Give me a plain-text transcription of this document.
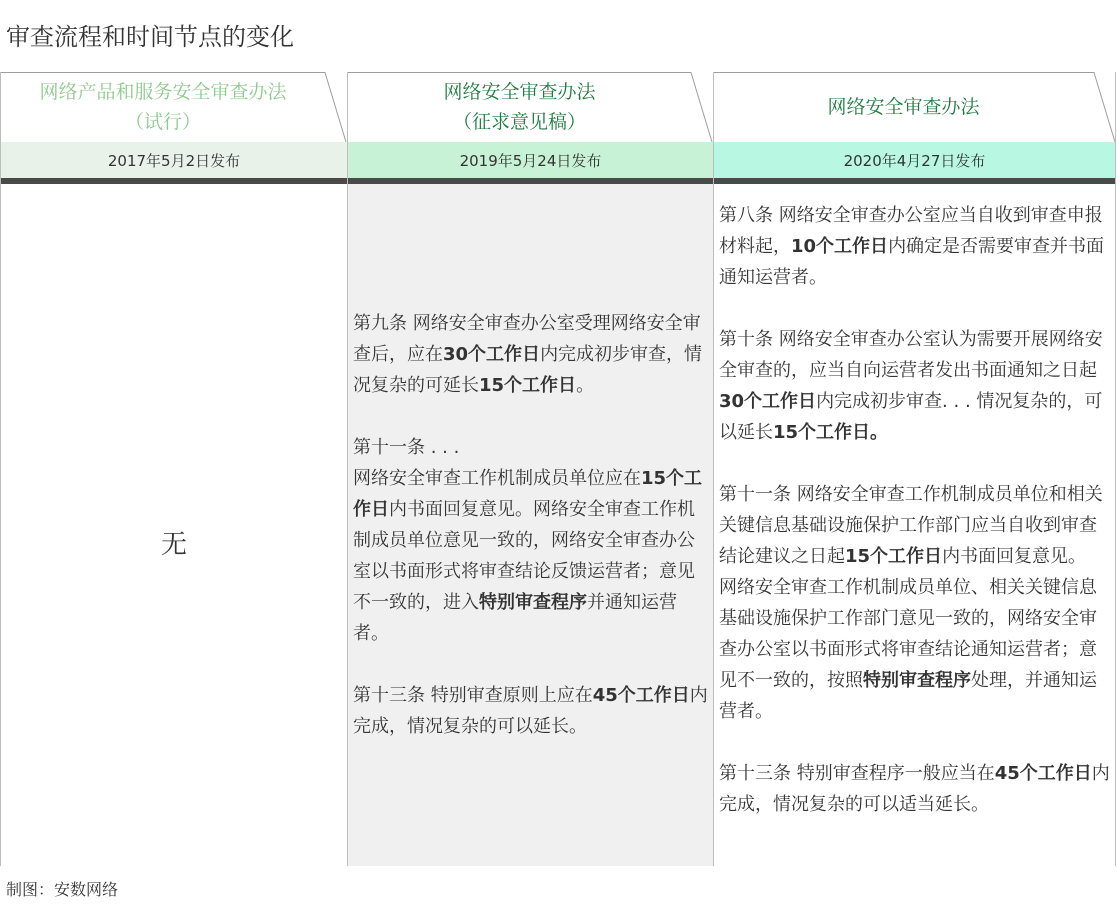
审查流程和时间节点的变化
网络产品和服务安全审查办法
（试行）
2017年5月2日发布
无
网络安全审查办法
（征求意见稿）
2019年5月24日发布

第九条 网络安全审查办公室受理网络安全审查后，应在30个工作日内完成初步审查，情况复杂的可延长15个工作日。

第十一条 . . .

网络安全审查工作机制成员单位应在15个工作日内书面回复意见。网络安全审查工作机制成员单位意见一致的，网络安全审查办公室以书面形式将审查结论反馈运营者；意见不一致的，进入特别审查程序并通知运营者。

第十三条 特别审查原则上应在45个工作日内完成，情况复杂的可以延长。

网络安全审查办法
2020年4月27日发布

第八条 网络安全审查办公室应当自收到审查申报材料起，10个工作日内确定是否需要审查并书面通知运营者。

第十条 网络安全审查办公室认为需要开展网络安全审查的，应当自向运营者发出书面通知之日起30个工作日内完成初步审查. . . 情况复杂的，可以延长15个工作日。

第十一条 网络安全审查工作机制成员单位和相关关键信息基础设施保护工作部门应当自收到审查结论建议之日起15个工作日内书面回复意见。

网络安全审查工作机制成员单位、相关关键信息基础设施保护工作部门意见一致的，网络安全审查办公室以书面形式将审查结论通知运营者；意见不一致的，按照特别审查程序处理，并通知运营者。

第十三条 特别审查程序一般应当在45个工作日内完成，情况复杂的可以适当延长。

制图：安数网络
